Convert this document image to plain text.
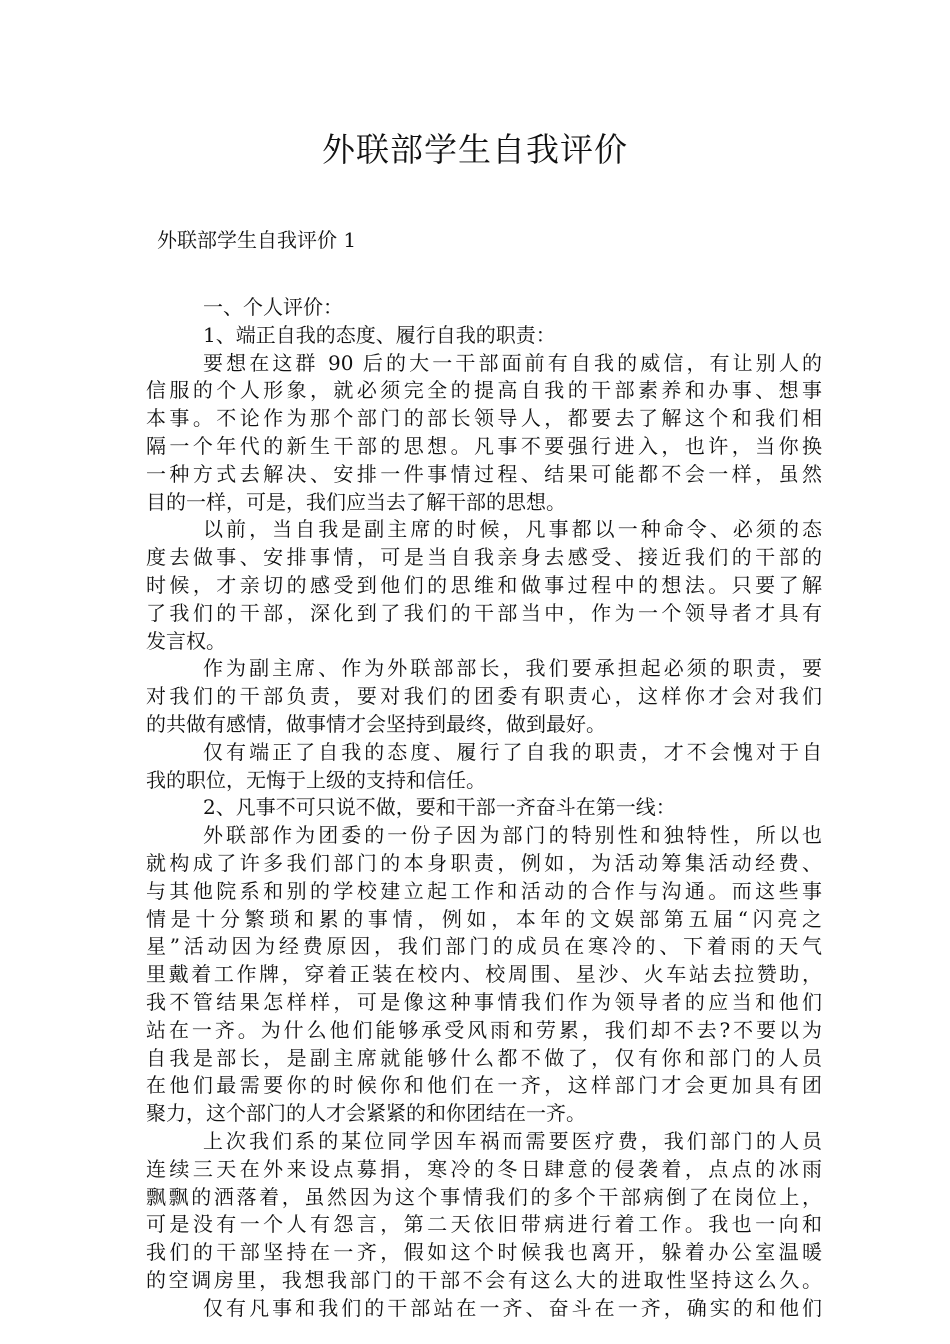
外联部学生自我评价
外联部学生自我评价 1
一、个人评价：
1、端正自我的态度、履行自我的职责：
要想在这群 90 后的大一干部面前有自我的威信，有让别人的
信服的个人形象，就必须完全的提高自我的干部素养和办事、想事
本事。不论作为那个部门的部长领导人，都要去了解这个和我们相
隔一个年代的新生干部的思想。凡事不要强行进入，也许，当你换
一种方式去解决、安排一件事情过程、结果可能都不会一样，虽然
目的一样，可是，我们应当去了解干部的思想。
以前，当自我是副主席的时候，凡事都以一种命令、必须的态
度去做事、安排事情，可是当自我亲身去感受、接近我们的干部的
时候，才亲切的感受到他们的思维和做事过程中的想法。只要了解
了我们的干部，深化到了我们的干部当中，作为一个领导者才具有
发言权。
作为副主席、作为外联部部长，我们要承担起必须的职责，要
对我们的干部负责，要对我们的团委有职责心，这样你才会对我们
的共做有感情，做事情才会坚持到最终，做到最好。
仅有端正了自我的态度、履行了自我的职责，才不会愧对于自
我的职位，无悔于上级的支持和信任。
2、凡事不可只说不做，要和干部一齐奋斗在第一线：
外联部作为团委的一份子因为部门的特别性和独特性，所以也
就构成了许多我们部门的本身职责，例如，为活动筹集活动经费、
与其他院系和别的学校建立起工作和活动的合作与沟通。而这些事
情是十分繁琐和累的事情，例如，本年的文娱部第五届“闪亮之
星”活动因为经费原因，我们部门的成员在寒冷的、下着雨的天气
里戴着工作牌，穿着正装在校内、校周围、星沙、火车站去拉赞助，
我不管结果怎样样，可是像这种事情我们作为领导者的应当和他们
站在一齐。为什么他们能够承受风雨和劳累，我们却不去?不要以为
自我是部长，是副主席就能够什么都不做了，仅有你和部门的人员
在他们最需要你的时候你和他们在一齐，这样部门才会更加具有团
聚力，这个部门的人才会紧紧的和你团结在一齐。
上次我们系的某位同学因车祸而需要医疗费，我们部门的人员
连续三天在外来设点募捐，寒冷的冬日肆意的侵袭着，点点的冰雨
飘飘的洒落着，虽然因为这个事情我们的多个干部病倒了在岗位上，
可是没有一个人有怨言，第二天依旧带病进行着工作。我也一向和
我们的干部坚持在一齐，假如这个时候我也离开，躲着办公室温暖
的空调房里，我想我部门的干部不会有这么大的进取性坚持这么久。
仅有凡事和我们的干部站在一齐、奋斗在一齐，确实的和他们
